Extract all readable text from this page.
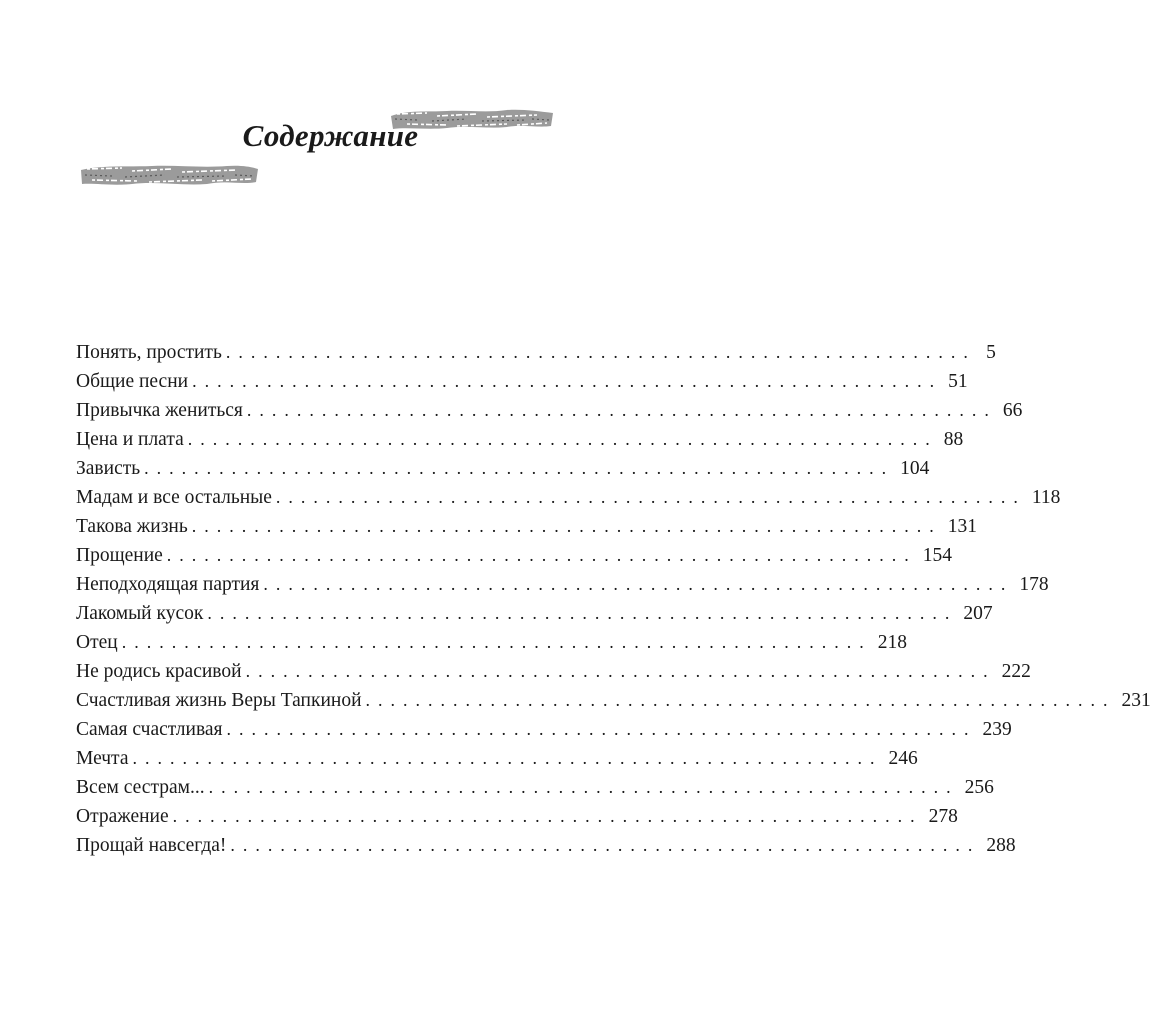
Содержание
Понять, простить ............................................................ 5
Общие песни ............................................................ 51
Привычка жениться ............................................................ 66
Цена и плата ............................................................ 88
Зависть ............................................................ 104
Мадам и все остальные ............................................................ 118
Такова жизнь ............................................................ 131
Прощение ............................................................ 154
Неподходящая партия ............................................................ 178
Лакомый кусок ............................................................ 207
Отец ............................................................ 218
Не родись красивой ............................................................ 222
Счастливая жизнь Веры Тапкиной ............................................................ 231
Самая счастливая ............................................................ 239
Мечта ............................................................ 246
Всем сестрам... ............................................................ 256
Отражение ............................................................ 278
Прощай навсегда! ............................................................ 288
